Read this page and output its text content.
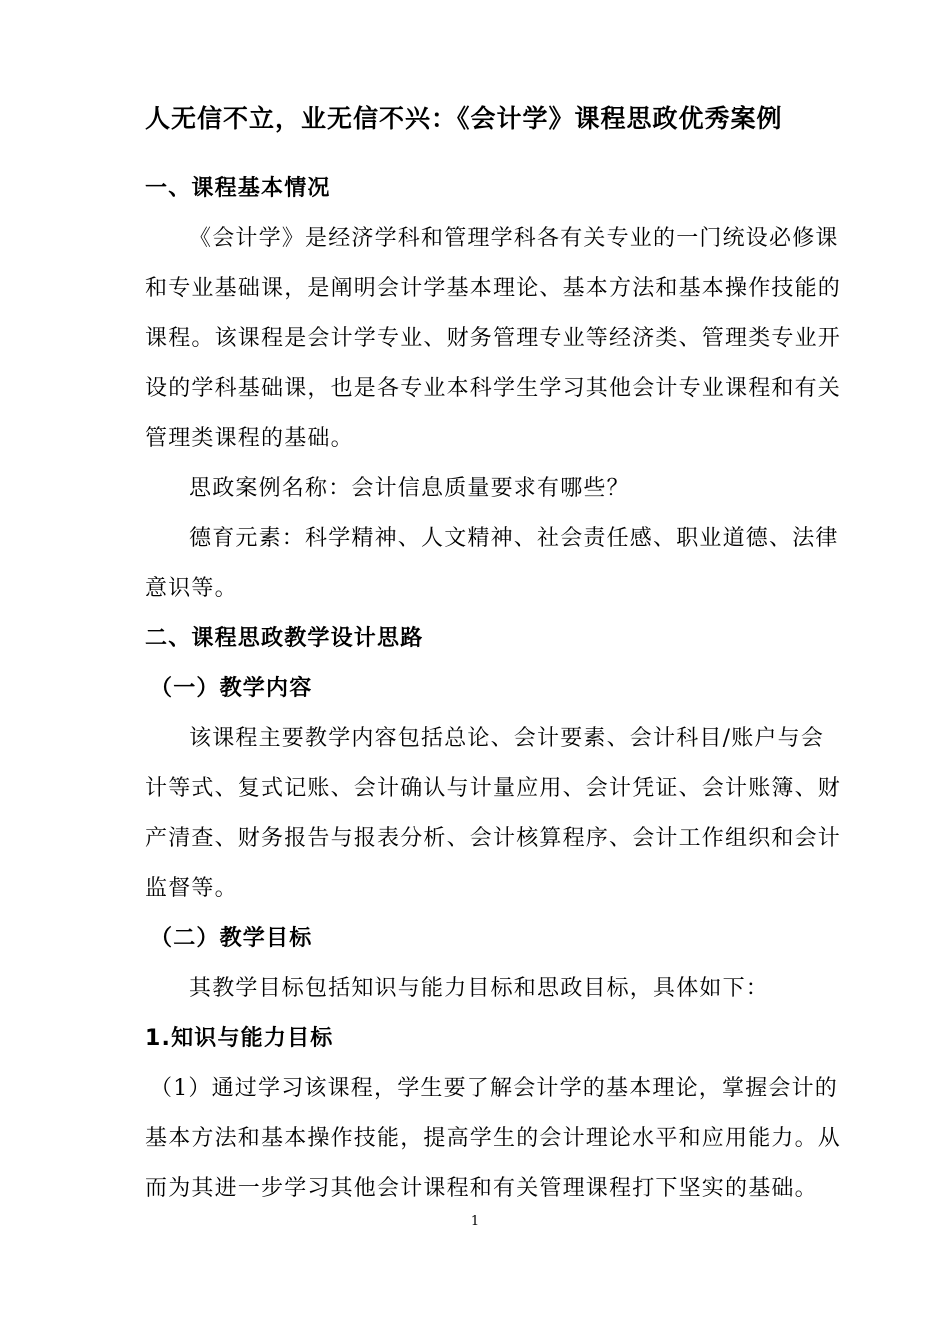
人无信不立，业无信不兴：《会计学》课程思政优秀案例
一、课程基本情况
《会计学》是经济学科和管理学科各有关专业的一门统设必修课
和专业基础课，是阐明会计学基本理论、基本方法和基本操作技能的
课程。该课程是会计学专业、财务管理专业等经济类、管理类专业开
设的学科基础课，也是各专业本科学生学习其他会计专业课程和有关
管理类课程的基础。
思政案例名称：会计信息质量要求有哪些？
德育元素：科学精神、人文精神、社会责任感、职业道德、法律
意识等。
二、课程思政教学设计思路
（一）教学内容
该课程主要教学内容包括总论、会计要素、会计科目/账户与会
计等式、复式记账、会计确认与计量应用、会计凭证、会计账簿、财
产清查、财务报告与报表分析、会计核算程序、会计工作组织和会计
监督等。
（二）教学目标
其教学目标包括知识与能力目标和思政目标，具体如下：
1.知识与能力目标
（1）通过学习该课程，学生要了解会计学的基本理论，掌握会计的
基本方法和基本操作技能，提高学生的会计理论水平和应用能力。从
而为其进一步学习其他会计课程和有关管理课程打下坚实的基础。
1
